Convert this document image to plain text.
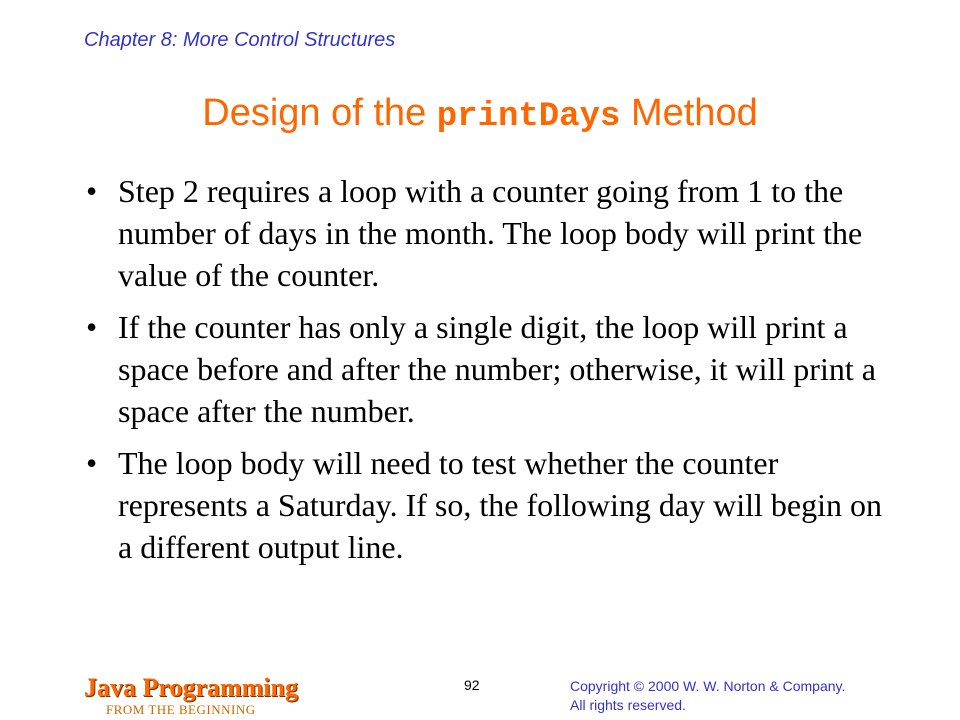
Chapter 8: More Control Structures
Design of the printDays Method
• Step 2 requires a loop with a counter going from 1 to the number of days in the month. The loop body will print the value of the counter.
• If the counter has only a single digit, the loop will print a space before and after the number; otherwise, it will print a space after the number.
• The loop body will need to test whether the counter represents a Saturday. If so, the following day will begin on a different output line.
Java Programming
FROM THE BEGINNING
92	Copyright © 2000 W. W. Norton & Company.
All rights reserved.
